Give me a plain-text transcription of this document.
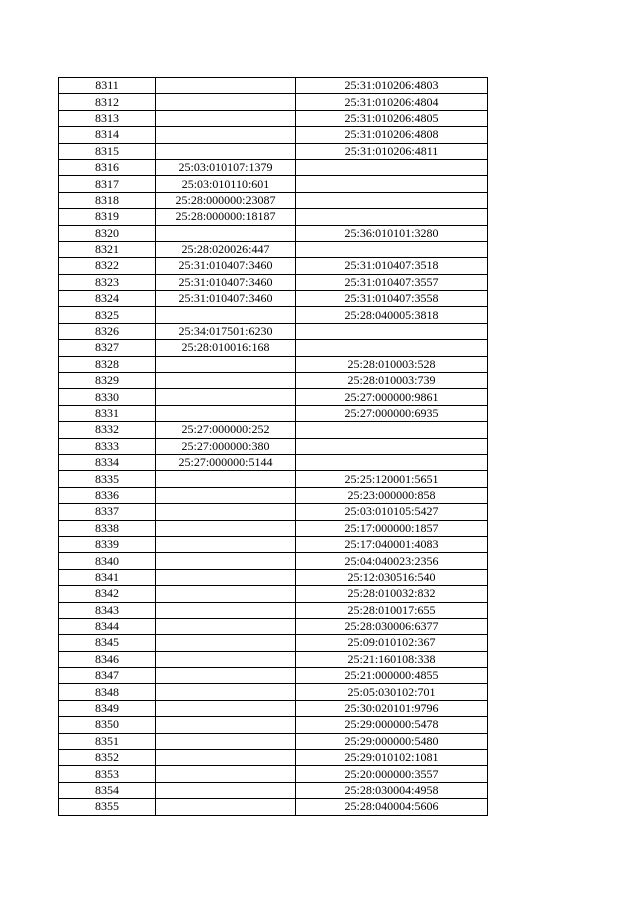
8311		25:31:010206:4803
8312		25:31:010206:4804
8313		25:31:010206:4805
8314		25:31:010206:4808
8315		25:31:010206:4811
8316	25:03:010107:1379	
8317	25:03:010110:601	
8318	25:28:000000:23087	
8319	25:28:000000:18187	
8320		25:36:010101:3280
8321	25:28:020026:447	
8322	25:31:010407:3460	25:31:010407:3518
8323	25:31:010407:3460	25:31:010407:3557
8324	25:31:010407:3460	25:31:010407:3558
8325		25:28:040005:3818
8326	25:34:017501:6230	
8327	25:28:010016:168	
8328		25:28:010003:528
8329		25:28:010003:739
8330		25:27:000000:9861
8331		25:27:000000:6935
8332	25:27:000000:252	
8333	25:27:000000:380	
8334	25:27:000000:5144	
8335		25:25:120001:5651
8336		25:23:000000:858
8337		25:03:010105:5427
8338		25:17:000000:1857
8339		25:17:040001:4083
8340		25:04:040023:2356
8341		25:12:030516:540
8342		25:28:010032:832
8343		25:28:010017:655
8344		25:28:030006:6377
8345		25:09:010102:367
8346		25:21:160108:338
8347		25:21:000000:4855
8348		25:05:030102:701
8349		25:30:020101:9796
8350		25:29:000000:5478
8351		25:29:000000:5480
8352		25:29:010102:1081
8353		25:20:000000:3557
8354		25:28:030004:4958
8355		25:28:040004:5606
